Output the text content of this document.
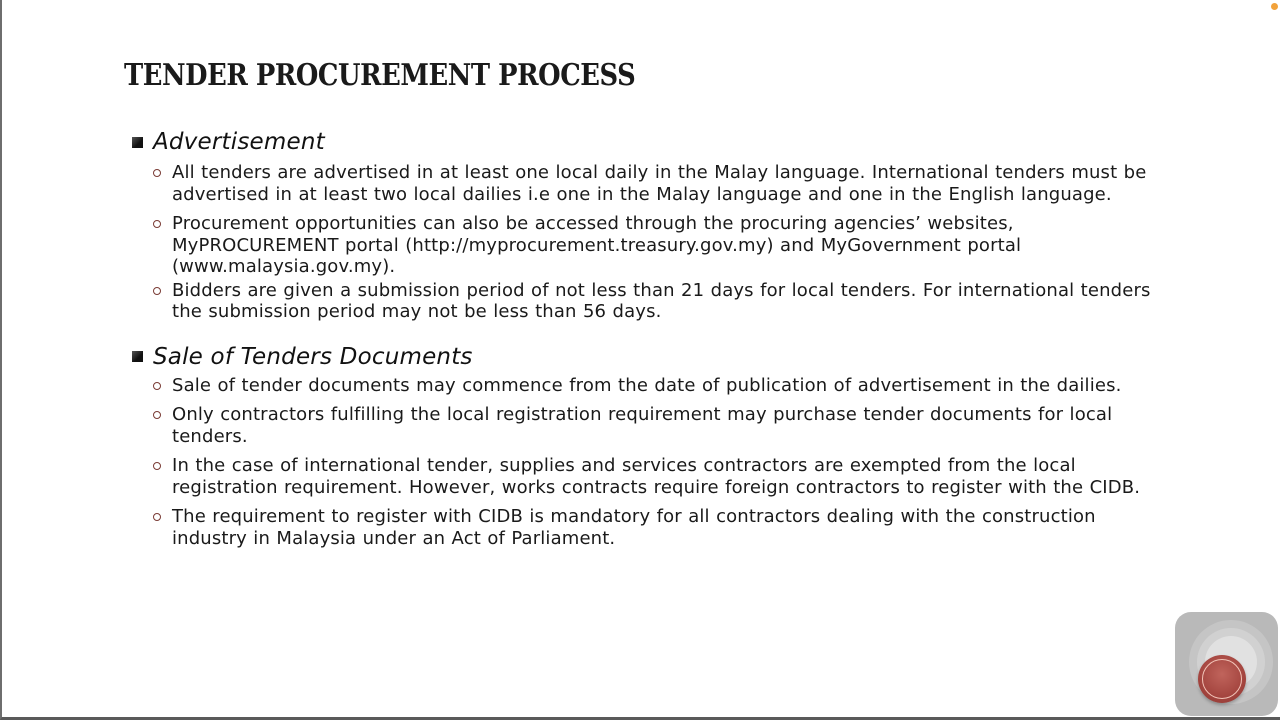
TENDER PROCUREMENT PROCESS
Advertisement
All tenders are advertised in at least one local daily in the Malay language. International tenders must be advertised in at least two local dailies i.e one in the Malay language and one in the English language.
Procurement opportunities can also be accessed through the procuring agencies’ websites, MyPROCUREMENT portal (http://myprocurement.treasury.gov.my) and MyGovernment portal (www.malaysia.gov.my).
Bidders are given a submission period of not less than 21 days for local tenders. For international tenders the submission period may not be less than 56 days.
Sale of Tenders Documents
Sale of tender documents may commence from the date of publication of advertisement in the dailies.
Only contractors fulfilling the local registration requirement may purchase tender documents for local tenders.
In the case of international tender, supplies and services contractors are exempted from the local registration requirement. However, works contracts require foreign contractors to register with the CIDB.
The requirement to register with CIDB is mandatory for all contractors dealing with the construction industry in Malaysia under an Act of Parliament.
